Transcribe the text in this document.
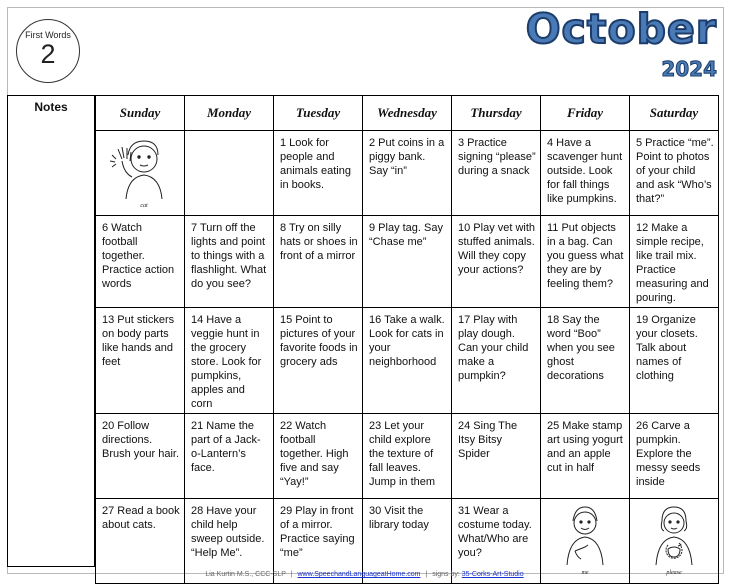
First Words
2
October
2024
Notes	Sunday	Monday	Tuesday	Wednesday	Thursday	Friday	Saturday

cat		1 Look for people and animals eating in books.	2 Put coins in a piggy bank. Say “in”	3 Practice signing “please” during a snack	4 Have a scavenger hunt outside. Look for fall things like pumpkins.	5 Practice “me”. Point to photos of your child and ask “Who’s that?”
6 Watch football together. Practice action words	7 Turn off the lights and point to things with a flashlight. What do you see?	8 Try on silly hats or shoes in front of a mirror	9 Play tag. Say “Chase me”	10 Play vet with stuffed animals. Will they copy your actions?	11 Put objects in a bag. Can you guess what they are by feeling them?	12 Make a simple recipe, like trail mix. Practice measuring and pouring.
13 Put stickers on body parts like hands and feet	14 Have a veggie hunt in the grocery store. Look for pumpkins, apples and corn	15 Point to pictures of your favorite foods in grocery ads	16 Take a walk. Look for cats in your neighborhood	17 Play with play dough. Can your child make a pumpkin?	18 Say the word “Boo” when you see ghost decorations	19 Organize your closets. Talk about names of clothing
20 Follow directions. Brush your hair.	21 Name the part of a Jack-o-Lantern’s face.	22 Watch football together. High five and say “Yay!”	23 Let your child explore the texture of fall leaves. Jump in them	24 Sing The Itsy Bitsy Spider	25 Make stamp art using yogurt and an apple cut in half	26 Carve a pumpkin. Explore the messy seeds inside
27 Read a book about cats.	28 Have your child help sweep outside. “Help Me”.	29 Play in front of a mirror. Practice saying “me”	30 Visit the library today	31 Wear a costume today. What/Who are you?	me	please
Lia Kurtin M.S., CCC-SLP | www.SpeechandLanguageatHome.com | signs by: 35-Corks-Art-Studio
